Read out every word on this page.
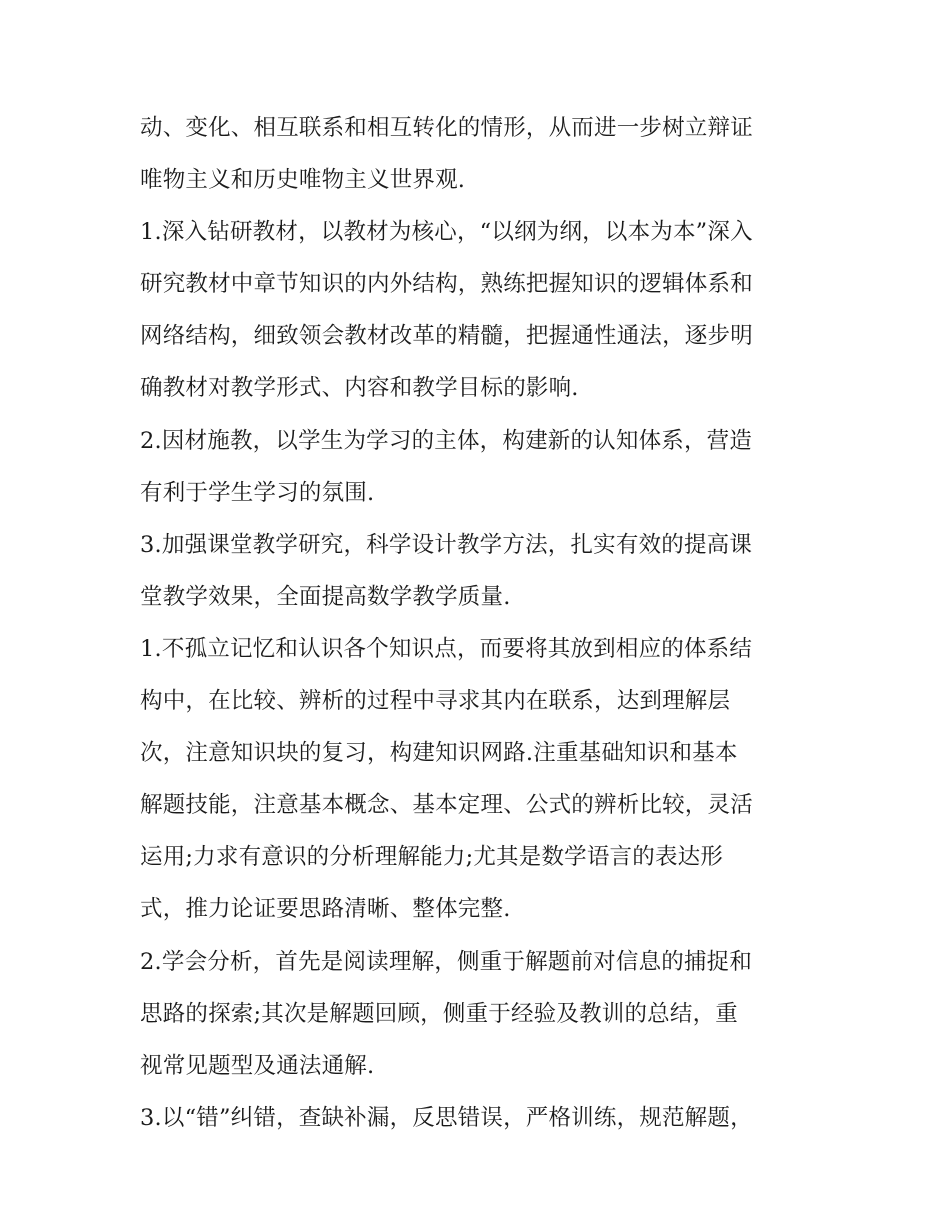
动、变化、相互联系和相互转化的情形，从而进一步树立辩证
唯物主义和历史唯物主义世界观.
1.深入钻研教材，以教材为核心，“以纲为纲，以本为本”深入
研究教材中章节知识的内外结构，熟练把握知识的逻辑体系和
网络结构，细致领会教材改革的精髓，把握通性通法，逐步明
确教材对教学形式、内容和教学目标的影响.
2.因材施教，以学生为学习的主体，构建新的认知体系，营造
有利于学生学习的氛围.
3.加强课堂教学研究，科学设计教学方法，扎实有效的提高课
堂教学效果，全面提高数学教学质量.
1.不孤立记忆和认识各个知识点，而要将其放到相应的体系结
构中，在比较、辨析的过程中寻求其内在联系，达到理解层
次，注意知识块的复习，构建知识网路.注重基础知识和基本
解题技能，注意基本概念、基本定理、公式的辨析比较，灵活
运用;力求有意识的分析理解能力;尤其是数学语言的表达形
式，推力论证要思路清晰、整体完整.
2.学会分析，首先是阅读理解，侧重于解题前对信息的捕捉和
思路的探索;其次是解题回顾，侧重于经验及教训的总结，重
视常见题型及通法通解.
3.以“错”纠错，查缺补漏，反思错误，严格训练，规范解题，
